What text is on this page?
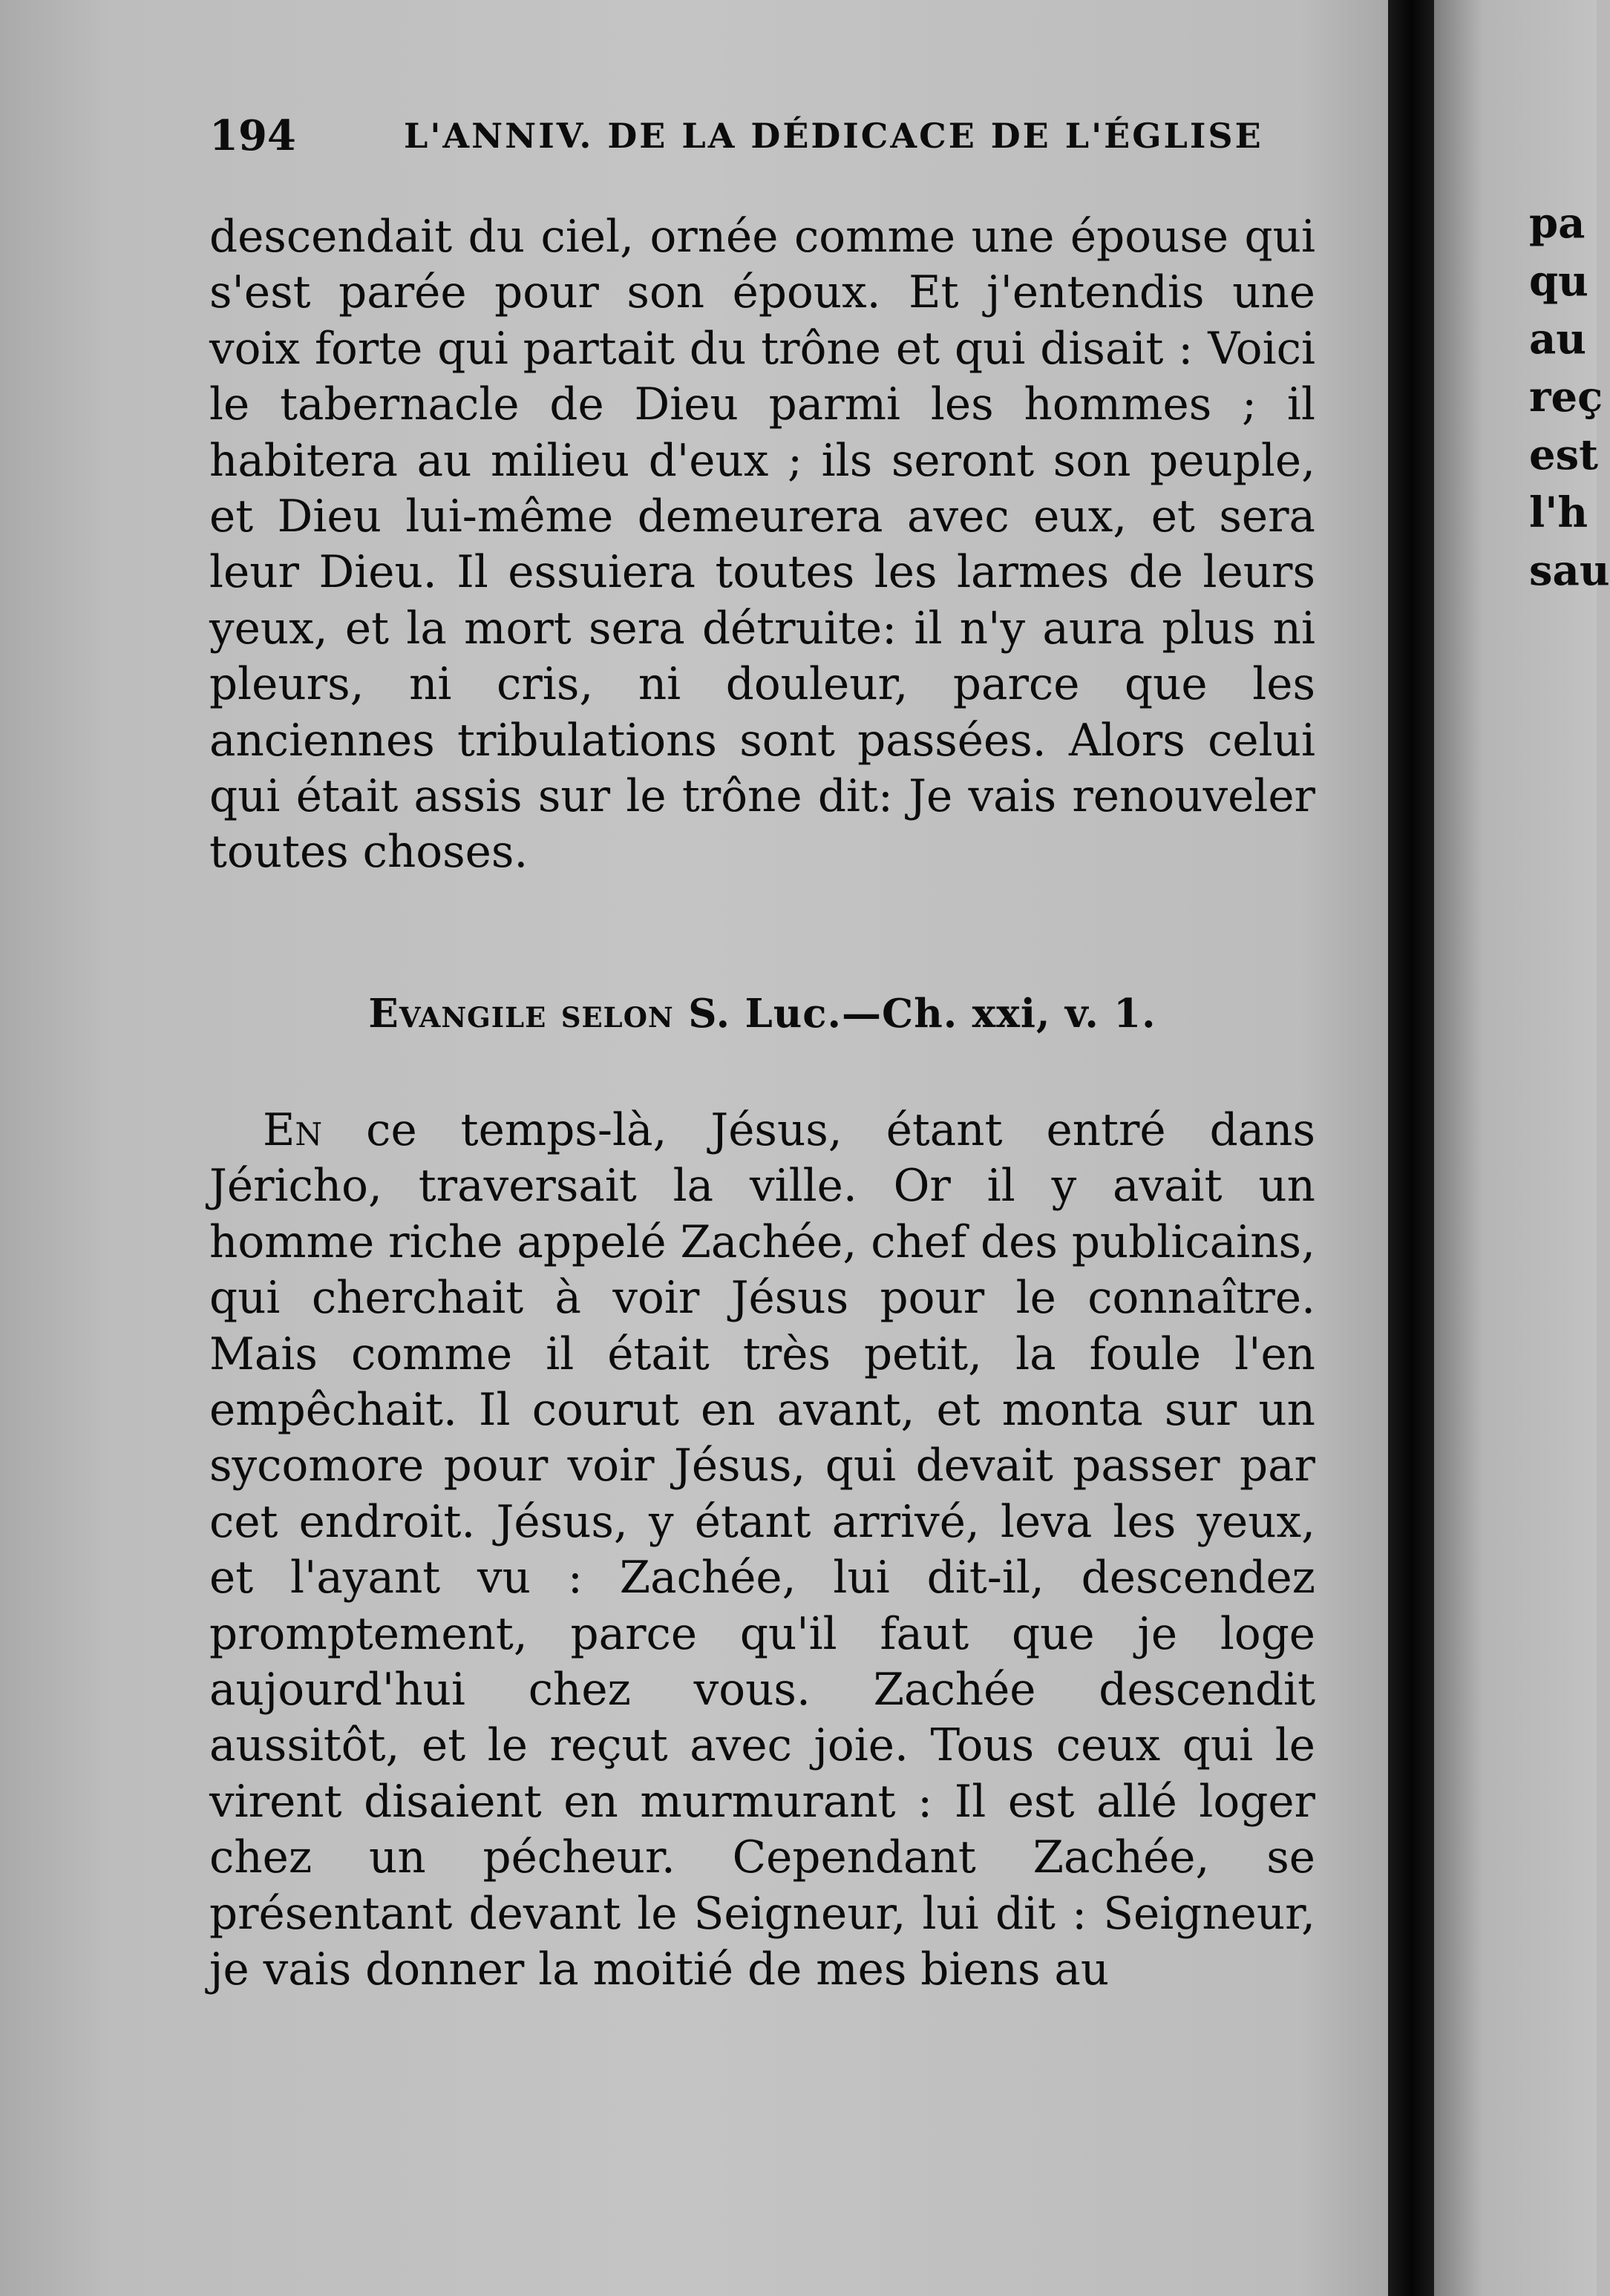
194	L'ANNIV. DE LA DÉDICACE DE L'ÉGLISE

descendait du ciel, ornée comme une épouse qui s'est parée pour son époux. Et j'entendis une voix forte qui partait du trône et qui disait : Voici le tabernacle de Dieu parmi les hommes ; il habitera au milieu d'eux ; ils seront son peuple, et Dieu lui-même demeurera avec eux, et sera leur Dieu. Il essuiera toutes les larmes de leurs yeux, et la mort sera détruite: il n'y aura plus ni pleurs, ni cris, ni douleur, parce que les anciennes tribulations sont passées. Alors celui qui était assis sur le trône dit: Je vais renouveler toutes choses.

Evangile selon S. Luc.—Ch. xxi, v. 1.

En ce temps-là, Jésus, étant entré dans Jéricho, traversait la ville. Or il y avait un homme riche appelé Zachée, chef des publicains, qui cherchait à voir Jésus pour le connaître. Mais comme il était très petit, la foule l'en empêchait. Il courut en avant, et monta sur un sycomore pour voir Jésus, qui devait passer par cet endroit. Jésus, y étant arrivé, leva les yeux, et l'ayant vu : Zachée, lui dit-il, descendez promptement, parce qu'il faut que je loge aujourd'hui chez vous. Zachée descendit aussitôt, et le reçut avec joie. Tous ceux qui le virent disaient en murmurant : Il est allé loger chez un pécheur. Cependant Zachée, se présentant devant le Seigneur, lui dit : Seigneur, je vais donner la moitié de mes biens au

pa
qu
au
reç
est
l'h
sau
